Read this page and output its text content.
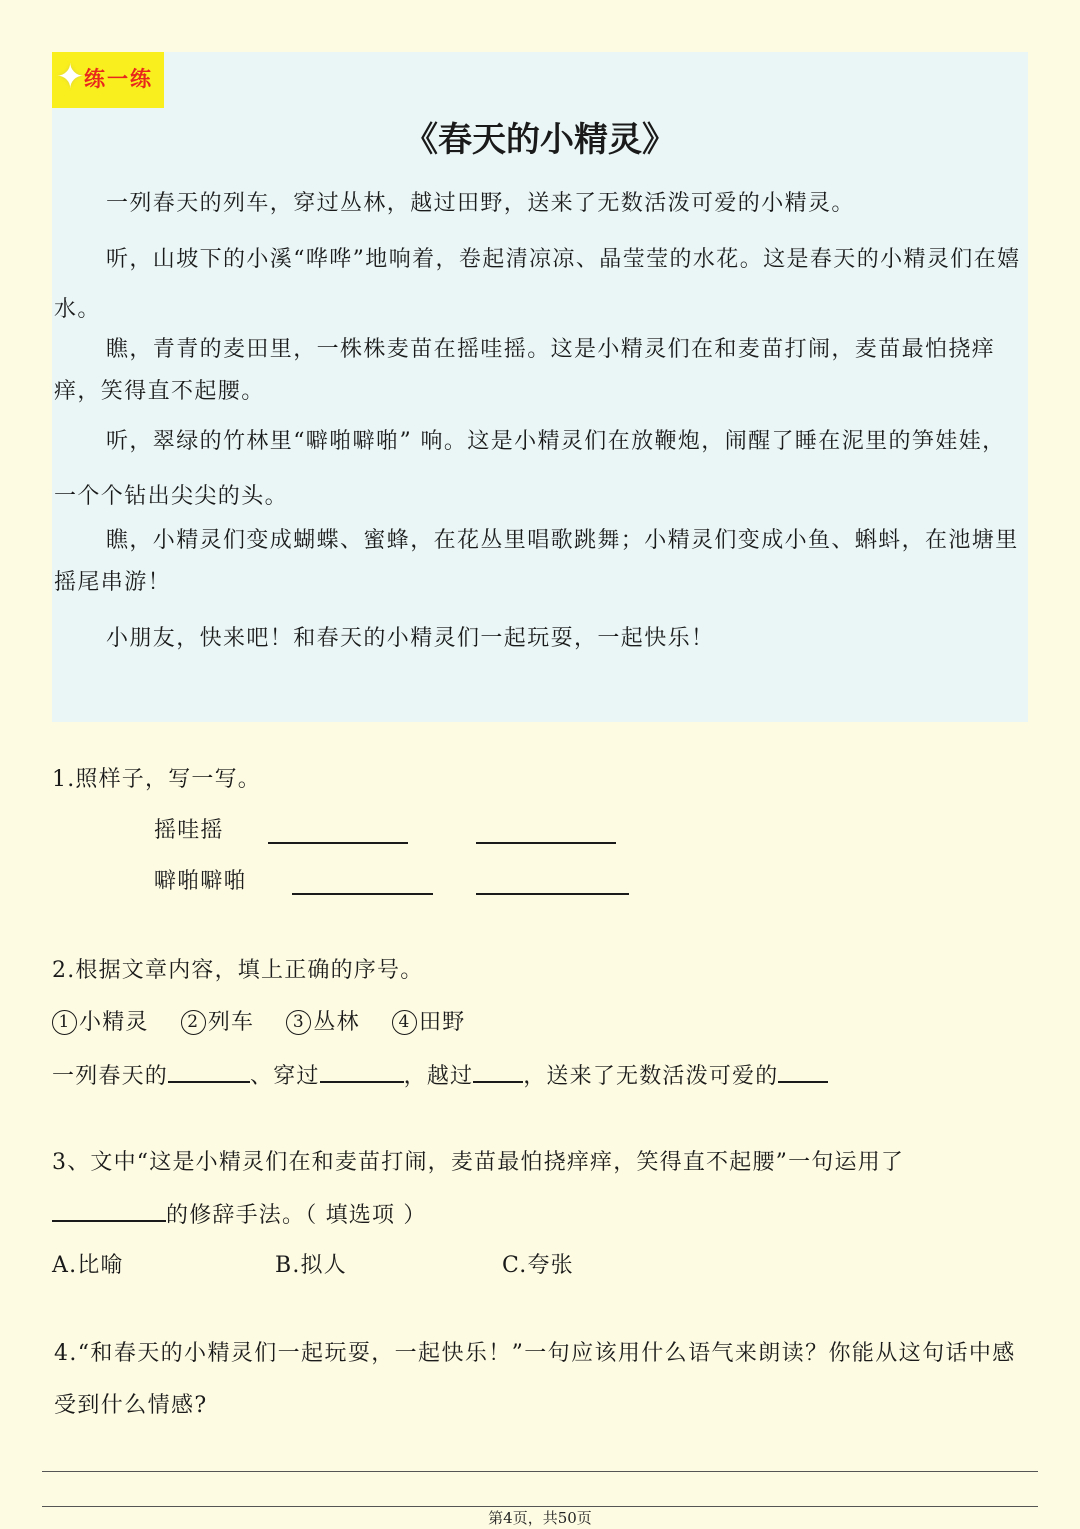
✦ 练一练
《春天的小精灵》

一列春天的列车，穿过丛林，越过田野，送来了无数活泼可爱的小精灵。

听，山坡下的小溪“哗哗”地响着，卷起清凉凉、晶莹莹的水花。这是春天的小精灵们在嬉水。

瞧，青青的麦田里，一株株麦苗在摇哇摇。这是小精灵们在和麦苗打闹，麦苗最怕挠痒痒，笑得直不起腰。

听，翠绿的竹林里“噼啪噼啪” 响。这是小精灵们在放鞭炮，闹醒了睡在泥里的笋娃娃，一个个钻出尖尖的头。

瞧，小精灵们变成蝴蝶、蜜蜂，在花丛里唱歌跳舞；小精灵们变成小鱼、蝌蚪，在池塘里摇尾串游！

小朋友，快来吧！和春天的小精灵们一起玩耍，一起快乐！

1.照样子，写一写。
摇哇摇
噼啪噼啪
2.根据文章内容，填上正确的序号。
1 小精灵 2 列车 3 丛林 4 田野
一列春天的	、穿过	，越过 ，送来了无数活泼可爱的
3、文中“这是小精灵们在和麦苗打闹，麦苗最怕挠痒痒，笑得直不起腰”一句运用了
的修辞手法。（ 填选项 ）
A.比喻	B.拟人	C.夸张
4.“和春天的小精灵们一起玩耍，一起快乐！”一句应该用什么语气来朗读？你能从这句话中感受到什么情感?
第4页，共50页
